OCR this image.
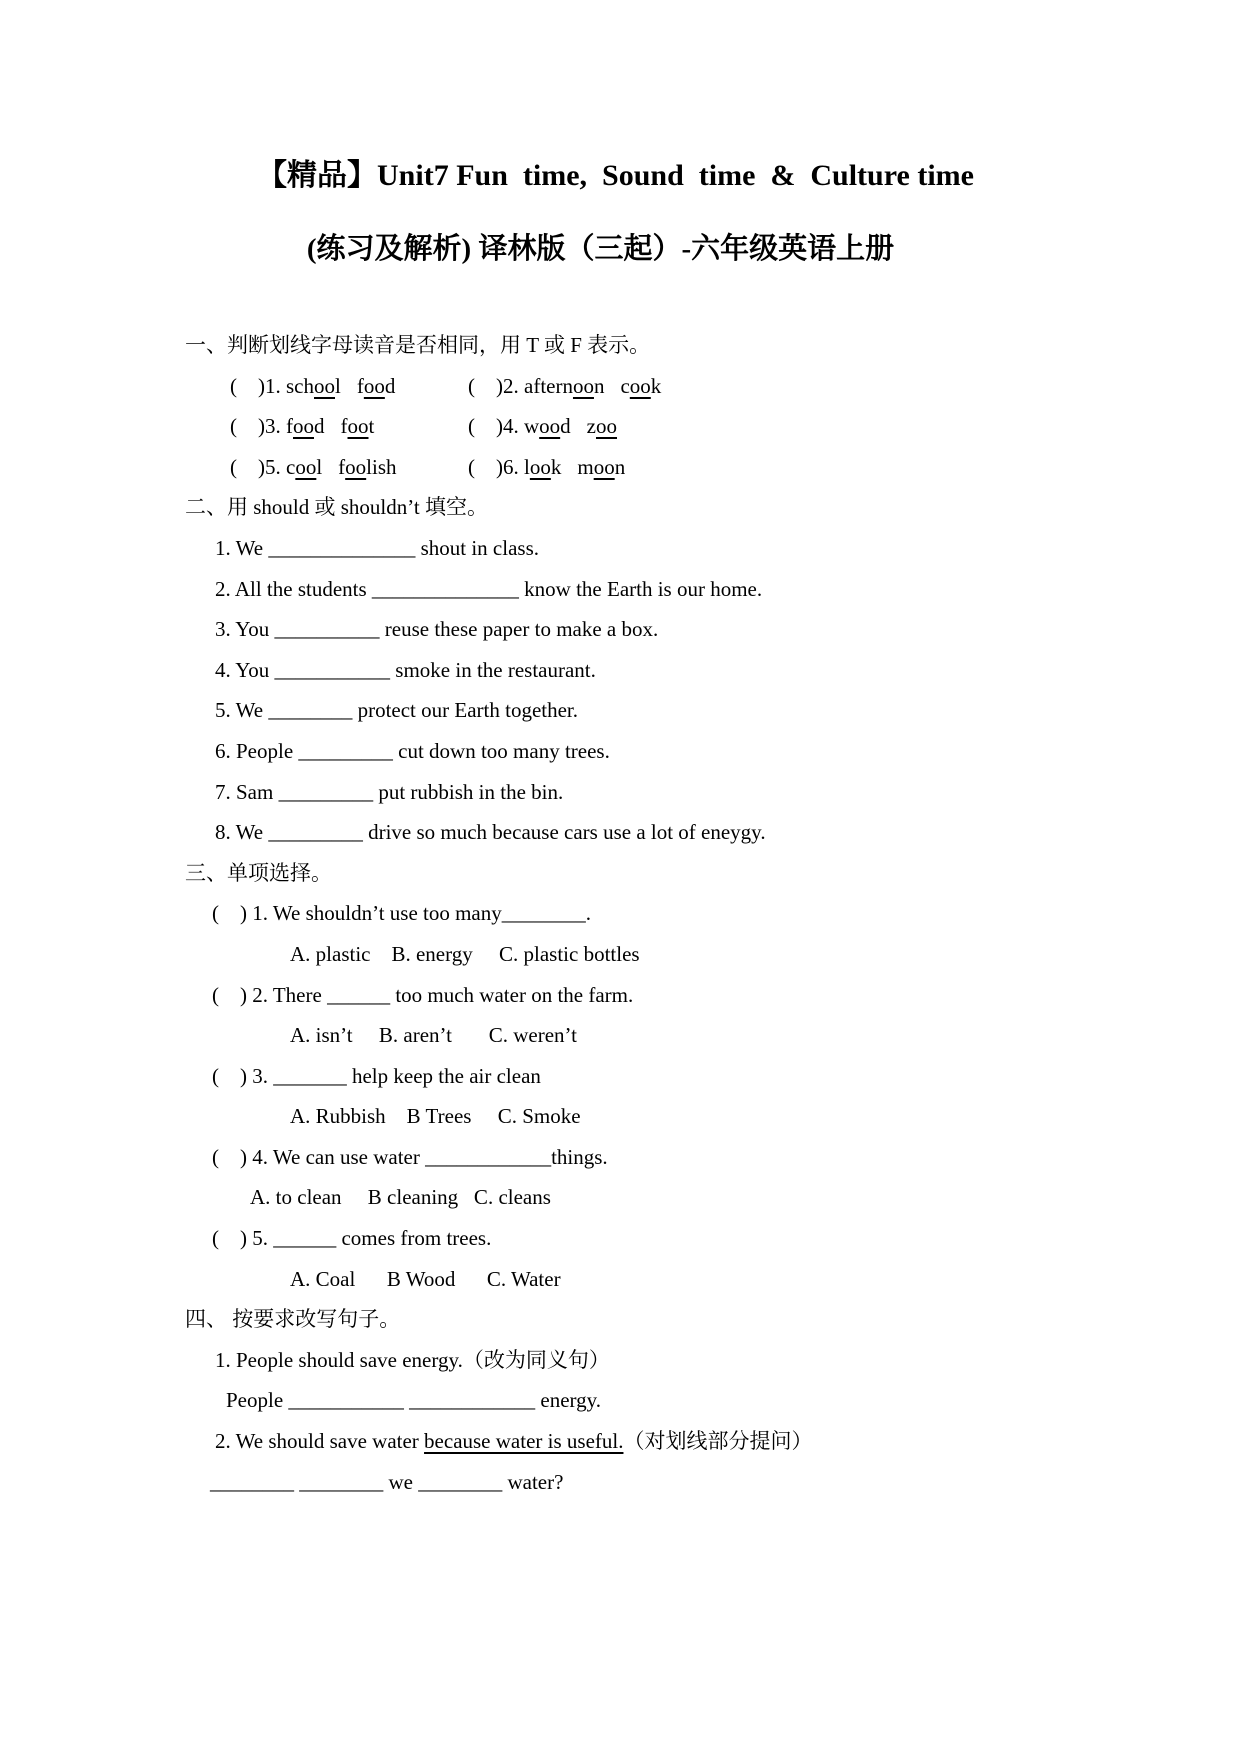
【精品】Unit7 Fun  time,  Sound  time  &  Culture time
(练习及解析) 译林版（三起）-六年级英语上册
一、判断划线字母读音是否相同，用 T 或 F 表示。
(    )1. school food	(    )2. afternoon cook
(    )3. food foot	(    )4. wood zoo
(    )5. cool foolish	(    )6. look moon
二、用 should 或 shouldn’t 填空。
1. We ______________ shout in class.
2. All the students ______________ know the Earth is our home.
3. You __________ reuse these paper to make a box.
4. You ___________ smoke in the restaurant.
5. We ________ protect our Earth together.
6. People _________ cut down too many trees.
7. Sam _________ put rubbish in the bin.
8. We _________ drive so much because cars use a lot of eneygy.
三、单项选择。
(    ) 1. We shouldn’t use too many________.
A. plastic    B. energy     C. plastic bottles
(    ) 2. There ______ too much water on the farm.
A. isn’t     B. aren’t       C. weren’t
(    ) 3. _______ help keep the air clean
A. Rubbish    B Trees     C. Smoke
(    ) 4. We can use water ____________things.
A. to clean     B cleaning   C. cleans
(    ) 5. ______ comes from trees.
A. Coal      B Wood      C. Water
四、 按要求改写句子。
1. People should save energy.（改为同义句）
People ___________ ____________ energy.
2. We should save water because water is useful.（对划线部分提问）
________ ________ we ________ water?
